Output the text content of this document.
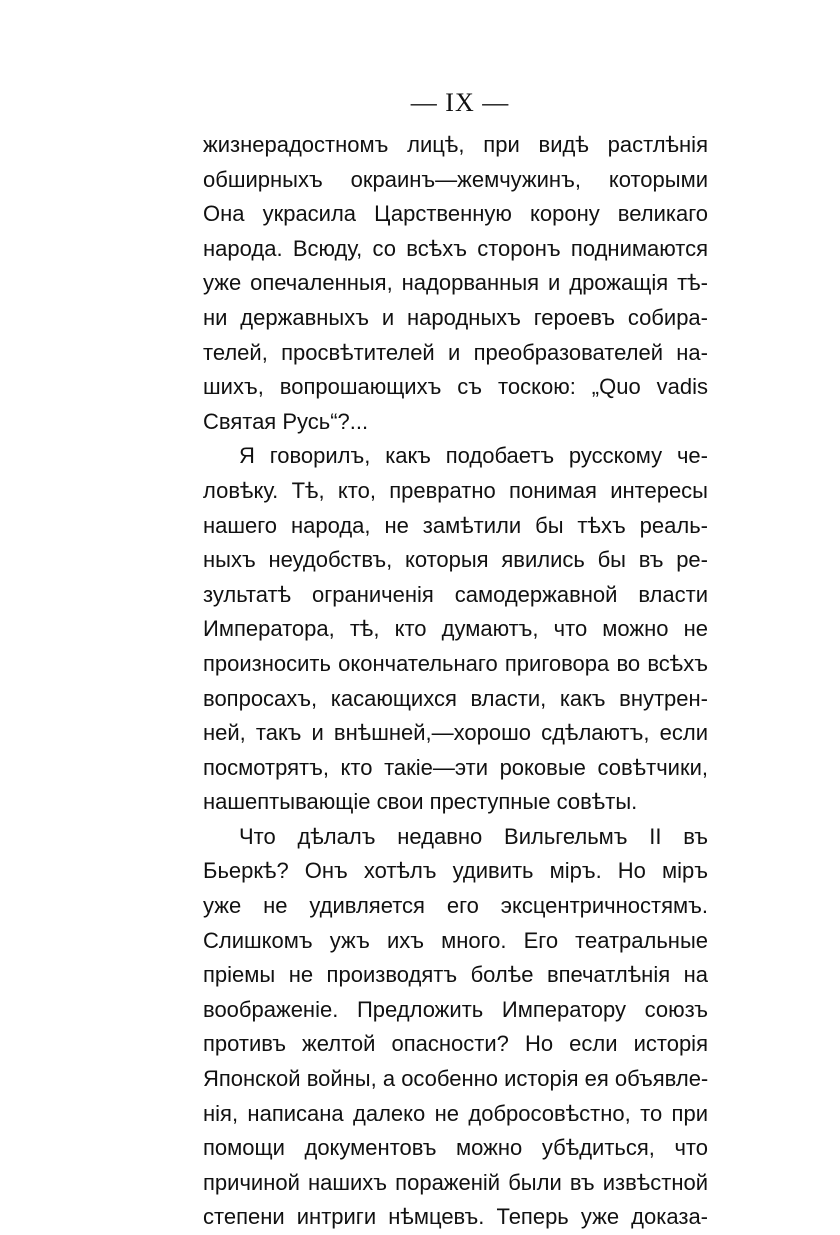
— IX —
жизнерадостномъ лицѣ, при видѣ растлѣнія
обширныхъ окраинъ—жемчужинъ, которыми
Она украсила Царственную корону великаго
народа. Всюду, со всѣхъ сторонъ поднимаются
уже опечаленныя, надорванныя и дрожащія тѣ-
ни державныхъ и народныхъ героевъ собира-
телей, просвѣтителей и преобразователей на-
шихъ, вопрошающихъ съ тоскою: „Quo vadis
Святая Русь“?...
Я говорилъ, какъ подобаетъ русскому че-
ловѣку. Тѣ, кто, превратно понимая интересы
нашего народа, не замѣтили бы тѣхъ реаль-
ныхъ неудобствъ, которыя явились бы въ ре-
зультатѣ ограниченія самодержавной власти
Императора, тѣ, кто думаютъ, что можно не
произносить окончательнаго приговора во всѣхъ
вопросахъ, касающихся власти, какъ внутрен-
ней, такъ и внѣшней,—хорошо сдѣлаютъ, если
посмотрятъ, кто такіе—эти роковые совѣтчики,
нашептывающіе свои преступные совѣты.
Что дѣлалъ недавно Вильгельмъ II въ
Бьеркѣ? Онъ хотѣлъ удивить міръ. Но міръ
уже не удивляется его эксцентричностямъ.
Слишкомъ ужъ ихъ много. Его театральные
пріемы не производятъ болѣе впечатлѣнія на
воображеніе. Предложить Императору союзъ
противъ желтой опасности? Но если исторія
Японской войны, а особенно исторія ея объявле-
нія, написана далеко не добросовѣстно, то при
помощи документовъ можно убѣдиться, что
причиной нашихъ пораженій были въ извѣстной
степени интриги нѣмцевъ. Теперь уже доказа-
